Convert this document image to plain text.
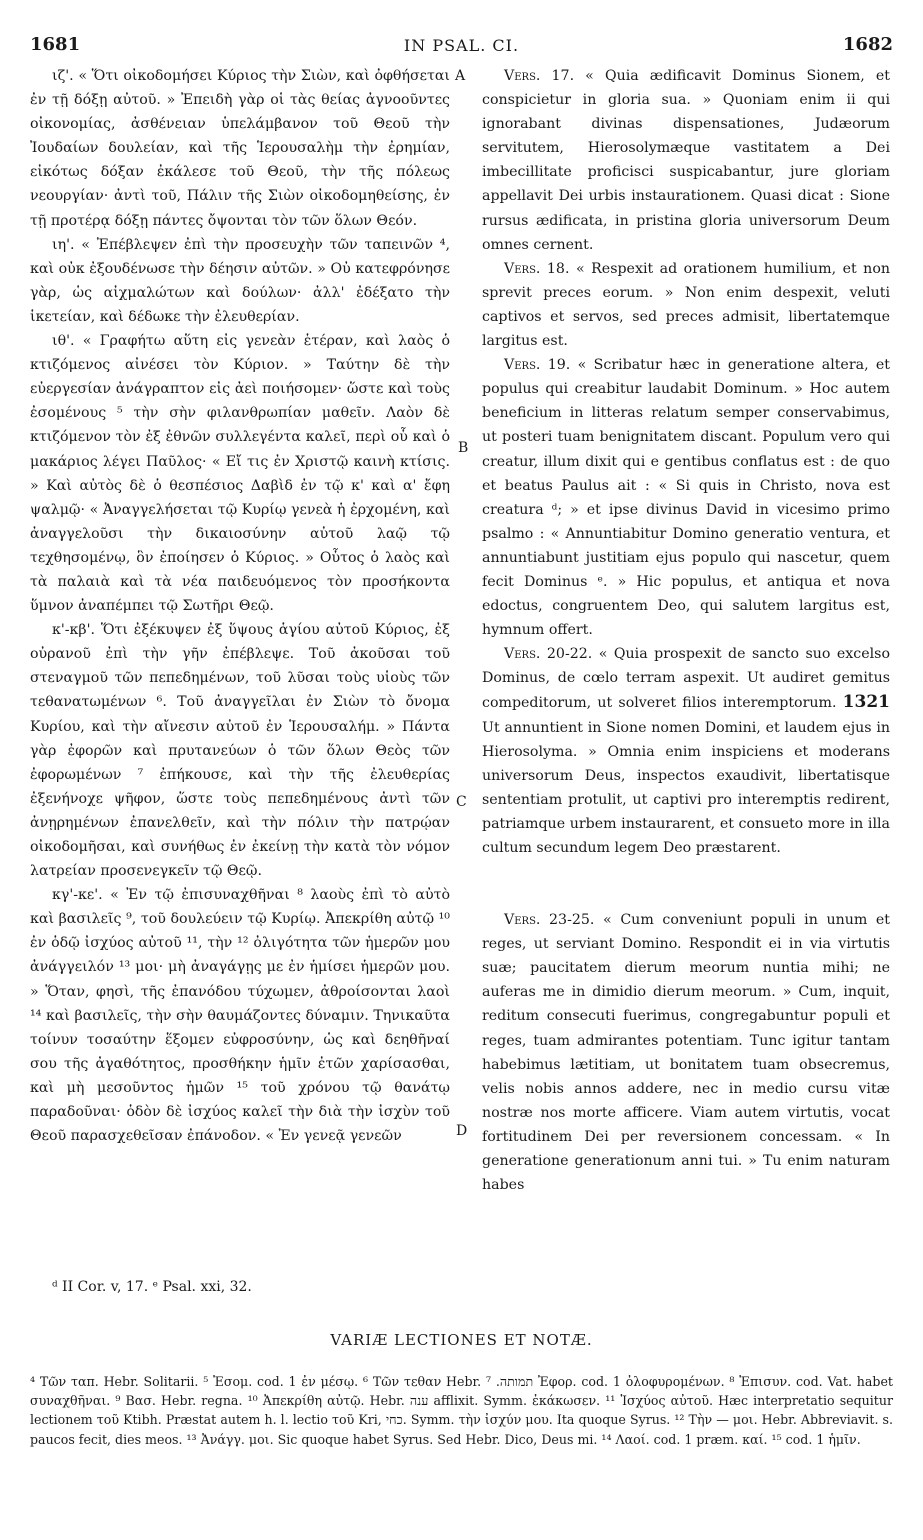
1681	IN PSAL. CI.	1682

ιζ'. « Ὅτι οἰκοδομήσει Κύριος τὴν Σιὼν, καὶ ὀφθήσεται ἐν τῇ δόξῃ αὐτοῦ. » Ἐπειδὴ γὰρ οἱ τὰς θείας ἀγνοοῦντες οἰκονομίας, ἀσθένειαν ὑπελάμβανον τοῦ Θεοῦ τὴν Ἰουδαίων δουλείαν, καὶ τῆς Ἱερουσαλὴμ τὴν ἐρημίαν, εἰκότως δόξαν ἐκάλεσε τοῦ Θεοῦ, τὴν τῆς πόλεως νεουργίαν· ἀντὶ τοῦ, Πάλιν τῆς Σιὼν οἰκοδομηθείσης, ἐν τῇ προτέρᾳ δόξῃ πάντες ὄψονται τὸν τῶν ὅλων Θεόν.

ιη'. « Ἐπέβλεψεν ἐπὶ τὴν προσευχὴν τῶν ταπεινῶν ⁴, καὶ οὐκ ἐξουδένωσε τὴν δέησιν αὐτῶν. » Οὐ κατεφρόνησε γὰρ, ὡς αἰχμαλώτων καὶ δούλων· ἀλλ' ἐδέξατο τὴν ἱκετείαν, καὶ δέδωκε τὴν ἐλευθερίαν.

ιθ'. « Γραφήτω αὕτη εἰς γενεὰν ἑτέραν, καὶ λαὸς ὁ κτιζόμενος αἰνέσει τὸν Κύριον. » Ταύτην δὲ τὴν εὐεργεσίαν ἀνάγραπτον εἰς ἀεὶ ποιήσομεν· ὥστε καὶ τοὺς ἐσομένους ⁵ τὴν σὴν φιλανθρωπίαν μαθεῖν. Λαὸν δὲ κτιζόμενον τὸν ἐξ ἐθνῶν συλλεγέντα καλεῖ, περὶ οὗ καὶ ὁ μακάριος λέγει Παῦλος· « Εἴ τις ἐν Χριστῷ καινὴ κτίσις. » Καὶ αὐτὸς δὲ ὁ θεσπέσιος Δαβὶδ ἐν τῷ κ' καὶ α' ἔφη ψαλμῷ· « Ἀναγγελήσεται τῷ Κυρίῳ γενεὰ ἡ ἐρχομένη, καὶ ἀναγγελοῦσι τὴν δικαιοσύνην αὐτοῦ λαῷ τῷ τεχθησομένῳ, ὃν ἐποίησεν ὁ Κύριος. » Οὗτος ὁ λαὸς καὶ τὰ παλαιὰ καὶ τὰ νέα παιδευόμενος τὸν προσήκοντα ὕμνον ἀναπέμπει τῷ Σωτῆρι Θεῷ.

κ'-κβ'. Ὅτι ἐξέκυψεν ἐξ ὕψους ἁγίου αὐτοῦ Κύριος, ἐξ οὐρανοῦ ἐπὶ τὴν γῆν ἐπέβλεψε. Τοῦ ἀκοῦσαι τοῦ στεναγμοῦ τῶν πεπεδημένων, τοῦ λῦσαι τοὺς υἱοὺς τῶν τεθανατωμένων ⁶. Τοῦ ἀναγγεῖλαι ἐν Σιὼν τὸ ὄνομα Κυρίου, καὶ τὴν αἴνεσιν αὐτοῦ ἐν Ἱερουσαλήμ. » Πάντα γὰρ ἐφορῶν καὶ πρυτανεύων ὁ τῶν ὅλων Θεὸς τῶν ἐφορωμένων ⁷ ἐπήκουσε, καὶ τὴν τῆς ἐλευθερίας ἐξενήνοχε ψῆφον, ὥστε τοὺς πεπεδημένους ἀντὶ τῶν ἀνῃρημένων ἐπανελθεῖν, καὶ τὴν πόλιν τὴν πατρῴαν οἰκοδομῆσαι, καὶ συνήθως ἐν ἐκείνῃ τὴν κατὰ τὸν νόμον λατρείαν προσενεγκεῖν τῷ Θεῷ.

κγ'-κε'. « Ἐν τῷ ἐπισυναχθῆναι ⁸ λαοὺς ἐπὶ τὸ αὐτὸ καὶ βασιλεῖς ⁹, τοῦ δουλεύειν τῷ Κυρίῳ. Ἀπεκρίθη αὐτῷ ¹⁰ ἐν ὁδῷ ἰσχύος αὐτοῦ ¹¹, τὴν ¹² ὀλιγότητα τῶν ἡμερῶν μου ἀνάγγειλόν ¹³ μοι· μὴ ἀναγάγῃς με ἐν ἡμίσει ἡμερῶν μου. » Ὅταν, φησὶ, τῆς ἐπανόδου τύχωμεν, ἀθροίσονται λαοὶ ¹⁴ καὶ βασιλεῖς, τὴν σὴν θαυμάζοντες δύναμιν. Τηνικαῦτα τοίνυν τοσαύτην ἕξομεν εὐφροσύνην, ὡς καὶ δεηθῆναί σου τῆς ἀγαθότητος, προσθήκην ἡμῖν ἐτῶν χαρίσασθαι, καὶ μὴ μεσοῦντος ἡμῶν ¹⁵ τοῦ χρόνου τῷ θανάτῳ παραδοῦναι· ὁδὸν δὲ ἰσχύος καλεῖ τὴν διὰ τὴν ἰσχὺν τοῦ Θεοῦ παρασχεθεῖσαν ἐπάνοδον. « Ἐν γενεᾷ γενεῶν

A
B
C
D

Vers. 17. « Quia ædificavit Dominus Sionem, et conspicietur in gloria sua. » Quoniam enim ii qui ignorabant divinas dispensationes, Judæorum servitutem, Hierosolymæque vastitatem a Dei imbecillitate proficisci suspicabantur, jure gloriam appellavit Dei urbis instaurationem. Quasi dicat : Sione rursus ædificata, in pristina gloria universorum Deum omnes cernent.

Vers. 18. « Respexit ad orationem humilium, et non sprevit preces eorum. » Non enim despexit, veluti captivos et servos, sed preces admisit, libertatemque largitus est.

Vers. 19. « Scribatur hæc in generatione altera, et populus qui creabitur laudabit Dominum. » Hoc autem beneficium in litteras relatum semper conservabimus, ut posteri tuam benignitatem discant. Populum vero qui creatur, illum dixit qui e gentibus conflatus est : de quo et beatus Paulus ait : « Si quis in Christo, nova est creatura ᵈ; » et ipse divinus David in vicesimo primo psalmo : « Annuntiabitur Domino generatio ventura, et annuntiabunt justitiam ejus populo qui nascetur, quem fecit Dominus ᵉ. » Hic populus, et antiqua et nova edoctus, congruentem Deo, qui salutem largitus est, hymnum offert.

Vers. 20-22. « Quia prospexit de sancto suo excelso Dominus, de cœlo terram aspexit. Ut audiret gemitus compeditorum, ut solveret filios interemptorum. 1321 Ut annuntient in Sione nomen Domini, et laudem ejus in Hierosolyma. » Omnia enim inspiciens et moderans universorum Deus, inspectos exaudivit, libertatisque sententiam protulit, ut captivi pro interemptis redirent, patriamque urbem instaurarent, et consueto more in illa cultum secundum legem Deo præstarent.

Vers. 23-25. « Cum conveniunt populi in unum et reges, ut serviant Domino. Respondit ei in via virtutis suæ; paucitatem dierum meorum nuntia mihi; ne auferas me in dimidio dierum meorum. » Cum, inquit, reditum consecuti fuerimus, congregabuntur populi et reges, tuam admirantes potentiam. Tunc igitur tantam habebimus lætitiam, ut bonitatem tuam obsecremus, velis nobis annos addere, nec in medio cursu vitæ nostræ nos morte afficere. Viam autem virtutis, vocat fortitudinem Dei per reversionem concessam. « In generatione generationum anni tui. » Tu enim naturam habes

ᵈ II Cor. v, 17. ᵉ Psal. xxi, 32.
VARIÆ LECTIONES ET NOTÆ.

⁴ Τῶν ταπ. Hebr. Solitarii. ⁵ Ἐσομ. cod. 1 ἐν μέσῳ. ⁶ Τῶν τεθαν Hebr. תמותה. ⁷ Ἐφορ. cod. 1 ὀλοφυρομένων. ⁸ Ἐπισυν. cod. Vat. habet συναχθῆναι. ⁹ Βασ. Hebr. regna. ¹⁰ Ἀπεκρίθη αὐτῷ. Hebr. ענה afflixit. Symm. ἐκάκωσεν. ¹¹ Ἰσχύος αὐτοῦ. Hæc interpretatio sequitur lectionem τοῦ Ktibh. Præstat autem h. l. lectio τοῦ Kri, כחי. Symm. τὴν ἰσχύν μου. Ita quoque Syrus. ¹² Τὴν — μοι. Hebr. Abbreviavit. s. paucos fecit, dies meos. ¹³ Ἀνάγγ. μοι. Sic quoque habet Syrus. Sed Hebr. Dico, Deus mi. ¹⁴ Λαοί. cod. 1 præm. καί. ¹⁵ cod. 1 ἡμῖν.
